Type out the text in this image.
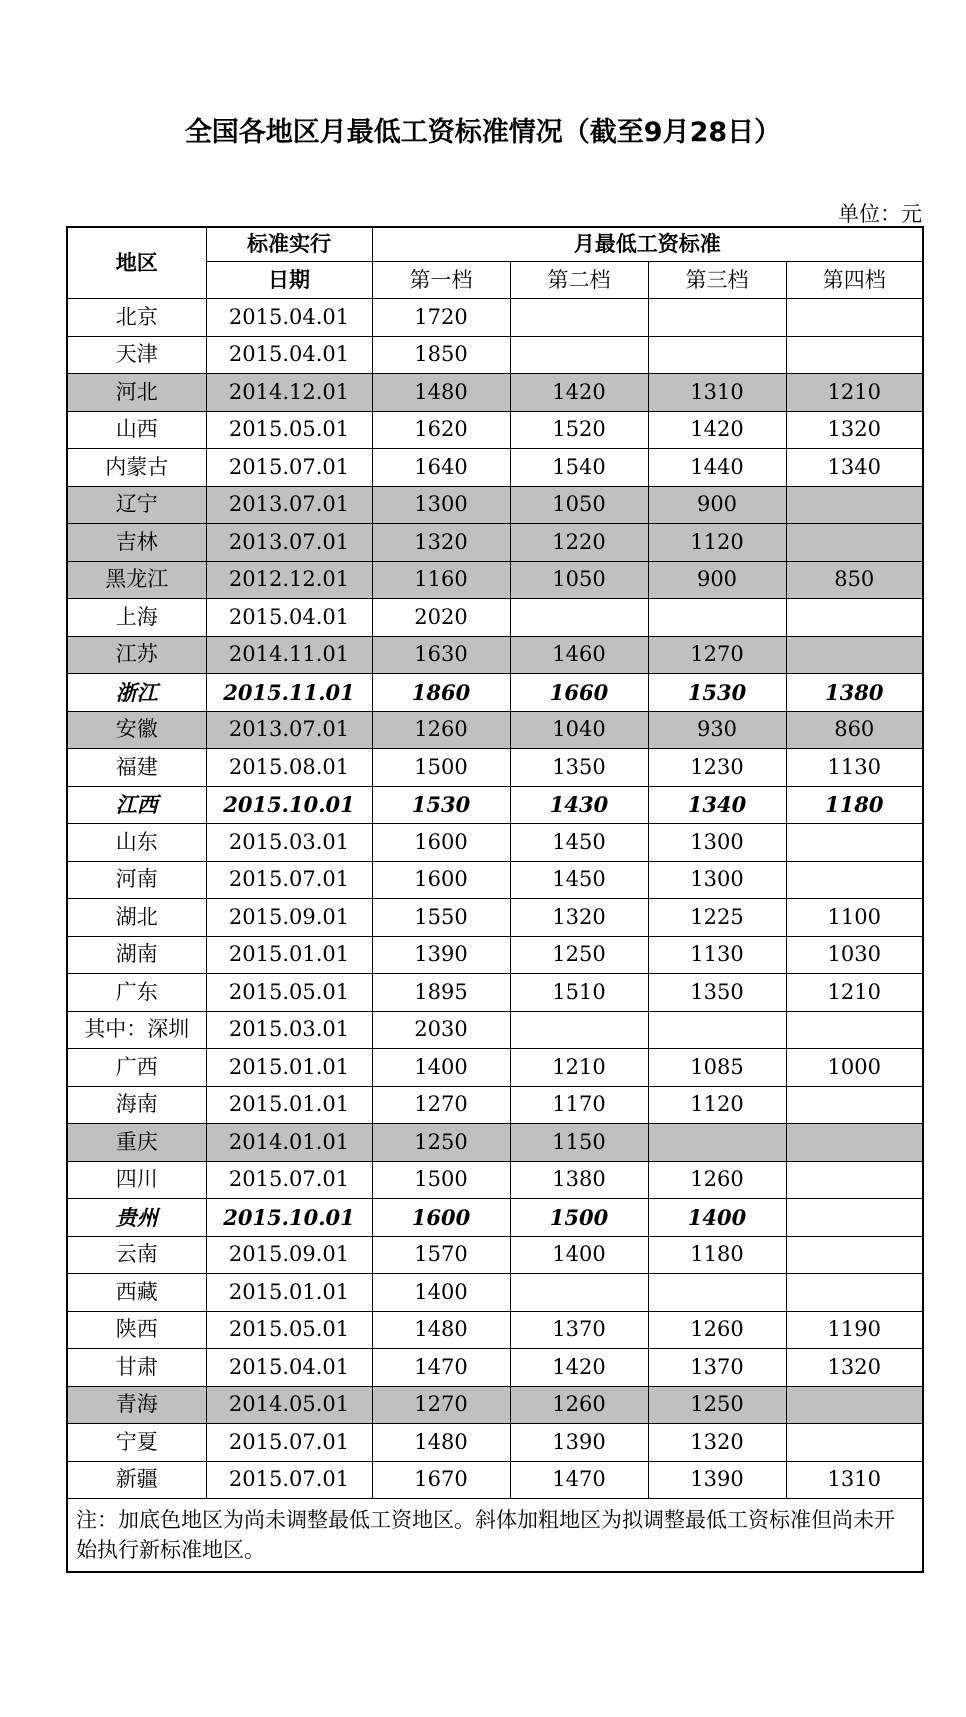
全国各地区月最低工资标准情况（截至9月28日）
单位：元
地区	标准实行	月最低工资标准			
	日期	第一档	第二档	第三档	第四档
北京	2015.04.01	1720			
天津	2015.04.01	1850			
河北	2014.12.01	1480	1420	1310	1210
山西	2015.05.01	1620	1520	1420	1320
内蒙古	2015.07.01	1640	1540	1440	1340
辽宁	2013.07.01	1300	1050	900	
吉林	2013.07.01	1320	1220	1120	
黑龙江	2012.12.01	1160	1050	900	850
上海	2015.04.01	2020			
江苏	2014.11.01	1630	1460	1270	
浙江	2015.11.01	1860	1660	1530	1380
安徽	2013.07.01	1260	1040	930	860
福建	2015.08.01	1500	1350	1230	1130
江西	2015.10.01	1530	1430	1340	1180
山东	2015.03.01	1600	1450	1300	
河南	2015.07.01	1600	1450	1300	
湖北	2015.09.01	1550	1320	1225	1100
湖南	2015.01.01	1390	1250	1130	1030
广东	2015.05.01	1895	1510	1350	1210
其中：深圳	2015.03.01	2030			
广西	2015.01.01	1400	1210	1085	1000
海南	2015.01.01	1270	1170	1120	
重庆	2014.01.01	1250	1150		
四川	2015.07.01	1500	1380	1260	
贵州	2015.10.01	1600	1500	1400	
云南	2015.09.01	1570	1400	1180	
西藏	2015.01.01	1400			
陕西	2015.05.01	1480	1370	1260	1190
甘肃	2015.04.01	1470	1420	1370	1320
青海	2014.05.01	1270	1260	1250	
宁夏	2015.07.01	1480	1390	1320	
新疆	2015.07.01	1670	1470	1390	1310
注：加底色地区为尚未调整最低工资地区。斜体加粗地区为拟调整最低工资标准但尚未开始执行新标准地区。					
